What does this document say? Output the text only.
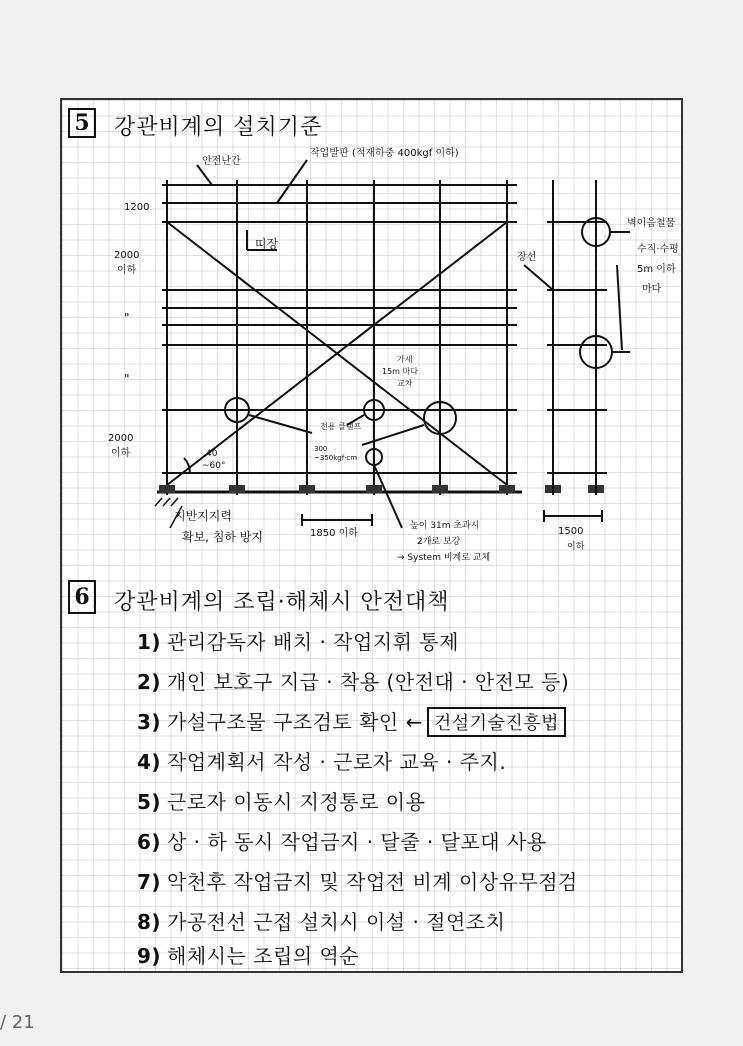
5 강관비계의 설치기준
안전난간
작업발판 (적재하중 400kgf 이하)
띠장
1200
2000
이하
"
"
2000
이하	40
~60°
가새
15m 마다
교차
전용 클램프
300
~350kgf·cm
지반지지력
확보, 침하 방지	1850 이하
높이 31m 초과시
2개로 보강
→ System 비계로 교체
1500
이하
장선
벽이음철물
수직·수평
5m 이하
마다
6 강관비계의 조립·해체시 안전대책
1) 관리감독자 배치 · 작업지휘 통제
2) 개인 보호구 지급 · 착용 (안전대 · 안전모 등)
3) 가설구조물 구조검토 확인 ← 건설기술진흥법
4) 작업계획서 작성 · 근로자 교육 · 주지.
5) 근로자 이동시 지정통로 이용
6) 상 · 하 동시 작업금지 · 달줄 · 달포대 사용
7) 악천후 작업금지 및 작업전 비계 이상유무점검
8) 가공전선 근접 설치시 이설 · 절연조치
9) 해체시는 조립의 역순
/ 21
